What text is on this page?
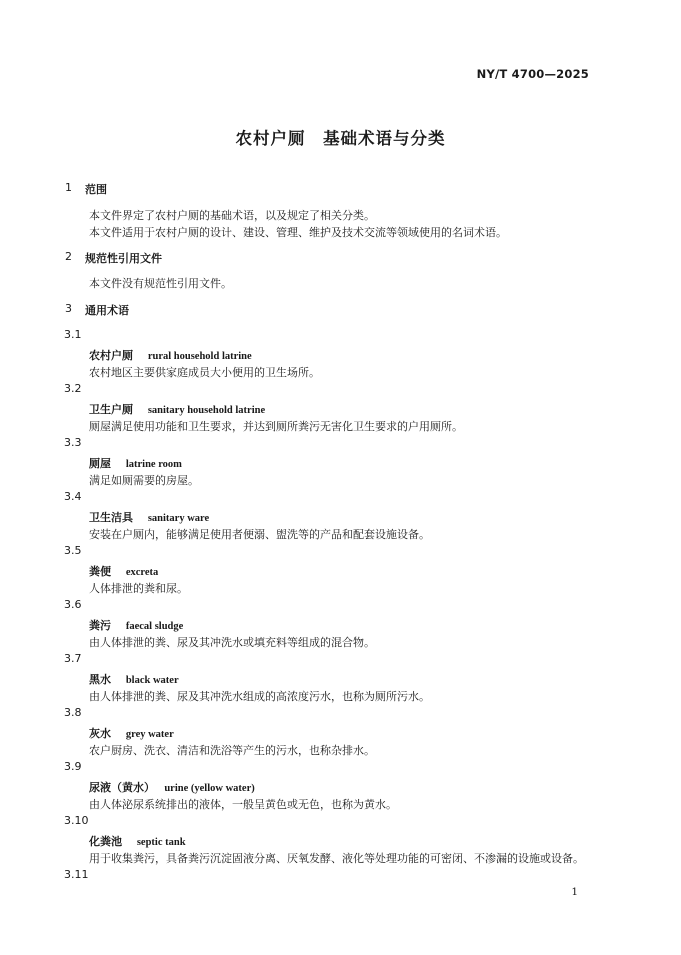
NY/T 4700—2025
农村户厕　基础术语与分类
1 范围
本文件界定了农村户厕的基础术语，以及规定了相关分类。
本文件适用于农村户厕的设计、建设、管理、维护及技术交流等领域使用的名词术语。
2 规范性引用文件
本文件没有规范性引用文件。
3 通用术语
3.1
农村户厕　 rural household latrine
农村地区主要供家庭成员大小便用的卫生场所。
3.2
卫生户厕　 sanitary household latrine
厕屋满足使用功能和卫生要求，并达到厕所粪污无害化卫生要求的户用厕所。
3.3
厕屋　 latrine room
满足如厕需要的房屋。
3.4
卫生洁具　 sanitary ware
安装在户厕内，能够满足使用者便溺、盥洗等的产品和配套设施设备。
3.5
粪便　 excreta
人体排泄的粪和尿。
3.6
粪污　 faecal sludge
由人体排泄的粪、尿及其冲洗水或填充料等组成的混合物。
3.7
黑水　 black water
由人体排泄的粪、尿及其冲洗水组成的高浓度污水，也称为厕所污水。
3.8
灰水　 grey water
农户厨房、洗衣、清洁和洗浴等产生的污水，也称杂排水。
3.9
尿液（黄水）　 urine (yellow water)
由人体泌尿系统排出的液体，一般呈黄色或无色，也称为黄水。
3.10
化粪池　 septic tank
用于收集粪污，具备粪污沉淀固液分离、厌氧发酵、液化等处理功能的可密闭、不渗漏的设施或设备。
3.11
1
